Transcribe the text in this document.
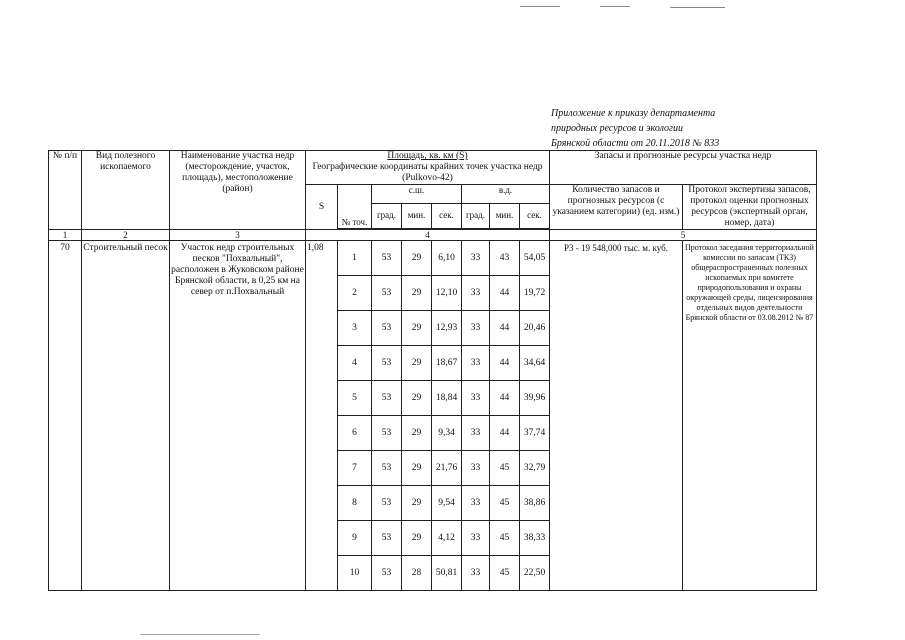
Приложение к приказу департамента
природных ресурсов и экологии
Брянской области от 20.11.2018 № 833
№ п/п	Вид полезного ископаемого	Наименование участка недр (месторождение, участок, площадь), местоположение (район)	Площадь, кв. км (S)
Географические координаты крайних точек участка недр (Pulkovo-42)								Запасы и прогнозные ресурсы участка недр	
			S	№ точ.	с.ш.			в.д.			Количество запасов и прогнозных ресурсов (с указанием категории) (ед. изм.)	Протокол экспертизы запасов, протокол оценки прогнозных ресурсов (экспертный орган, номер, дата)
					град.	мин.	сек.	град.	мин.	сек.		

1	2	3	4								5	
70	Строительный песок	Участок недр строительных песков "Похвальный", расположен в Жуковском районе Брянской области, в 0,25 км на север от п.Похвальный	1,08	1	53	29	6,10	33	43	54,05	Р3 - 19 548,000 тыс. м. куб.	Протокол заседания территориальной комиссии по запасам (ТКЗ) общераспространенных полезных ископаемых при комитете природопользования и охраны окружающей среды, лицензирования отдельных видов деятельности Брянской области от 03.08.2012 № 87
				2	53	29	12,10	33	44	19,72		
				3	53	29	12,93	33	44	20,46		
				4	53	29	18,67	33	44	34,64		
				5	53	29	18,84	33	44	39,96		
				6	53	29	9,34	33	44	37,74		
				7	53	29	21,76	33	45	32,79		
				8	53	29	9,54	33	45	38,86		
				9	53	29	4,12	33	45	38,33		
				10	53	28	50,81	33	45	22,50		
